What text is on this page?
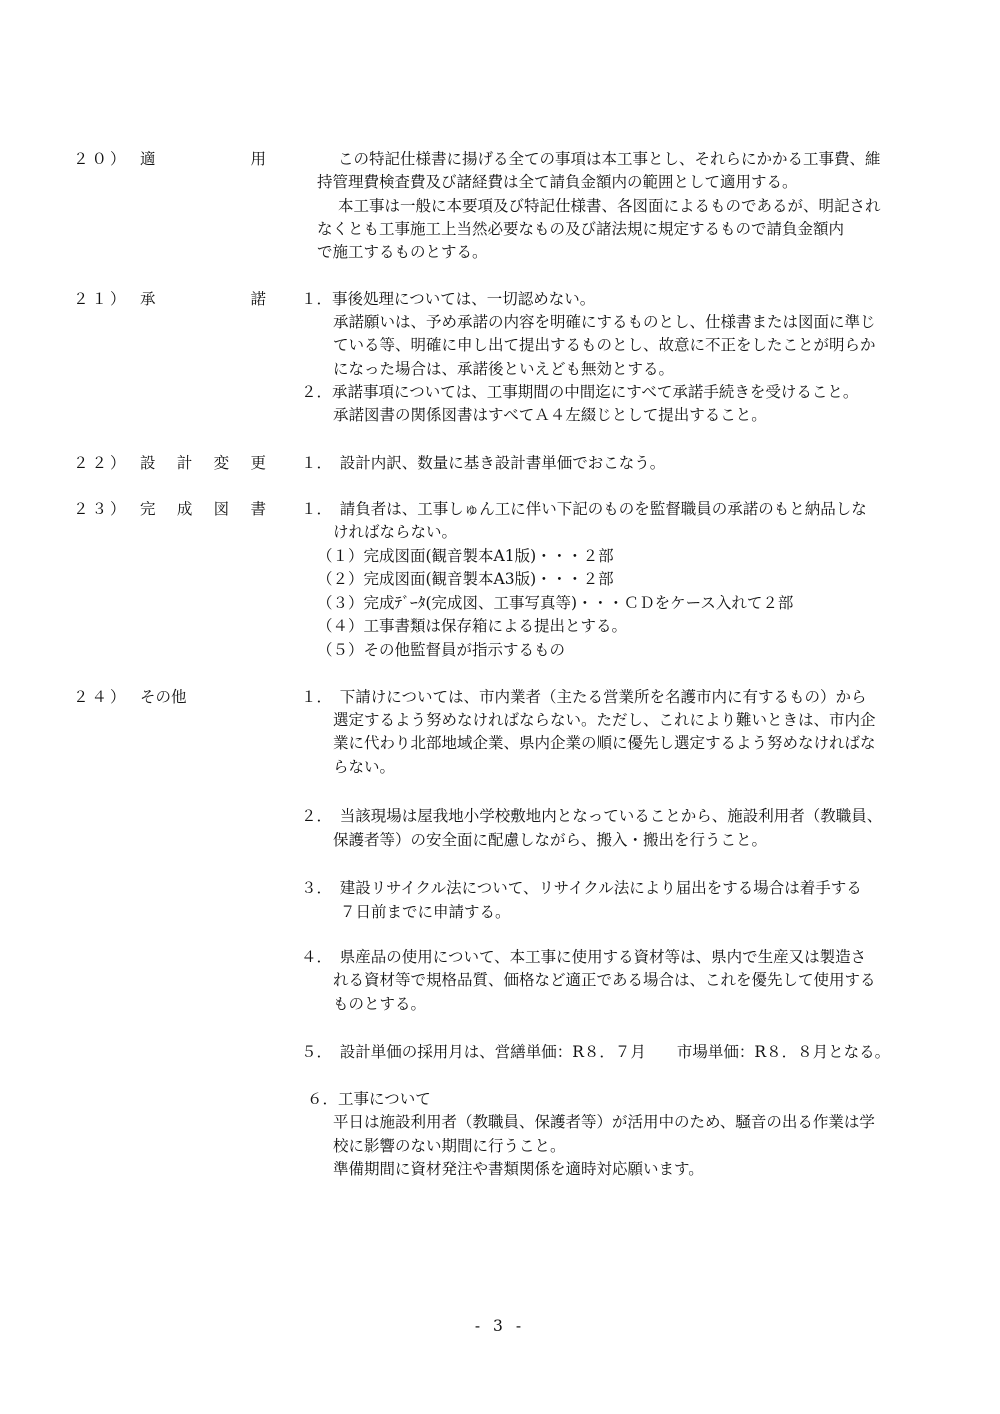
２０） 適	用	この特記仕様書に揚げる全ての事項は本工事とし、それらにかかる工事費、維
持管理費検査費及び諸経費は全て請負金額内の範囲として適用する。
本工事は一般に本要項及び特記仕様書、各図面によるものであるが、明記され
なくとも工事施工上当然必要なもの及び諸法規に規定するもので請負金額内
で施工するものとする。
２１） 承	諾 １．事後処理については、一切認めない。
承諾願いは、予め承諾の内容を明確にするものとし、仕様書または図面に準じ
ている等、明確に申し出て提出するものとし、故意に不正をしたことが明らか
になった場合は、承諾後といえども無効とする。
２．承諾事項については、工事期間の中間迄にすべて承諾手続きを受けること。
承諾図書の関係図書はすべてＡ４左綴じとして提出すること。
２２） 設 計 変 更 １．　設計内訳、数量に基き設計書単価でおこなう。
２３） 完 成 図 書 １．　請負者は、工事しゅん工に伴い下記のものを監督職員の承諾のもと納品しな
ければならない。
（１）完成図面(観音製本A1版)・・・２部
（２）完成図面(観音製本A3版)・・・２部
（３）完成ﾃﾞｰﾀ(完成図、工事写真等)・・・ＣＤをケース入れて２部
（４）工事書類は保存箱による提出とする。
（５）その他監督員が指示するもの
２４） その他	１．　下請けについては、市内業者（主たる営業所を名護市内に有するもの）から
選定するよう努めなければならない。ただし、これにより難いときは、市内企
業に代わり北部地域企業、県内企業の順に優先し選定するよう努めなければな
らない。
２．　当該現場は屋我地小学校敷地内となっていることから、施設利用者（教職員、
保護者等）の安全面に配慮しながら、搬入・搬出を行うこと。
３．　建設リサイクル法について、リサイクル法により届出をする場合は着手する
７日前までに申請する。
４．　県産品の使用について、本工事に使用する資材等は、県内で生産又は製造さ
れる資材等で規格品質、価格など適正である場合は、これを優先して使用する
ものとする。
５．　設計単価の採用月は、営繕単価：R８．７月　　市場単価：R８．８月となる。
６．工事について
平日は施設利用者（教職員、保護者等）が活用中のため、騒音の出る作業は学
校に影響のない期間に行うこと。
準備期間に資材発注や書類関係を適時対応願います。
- 3 -
